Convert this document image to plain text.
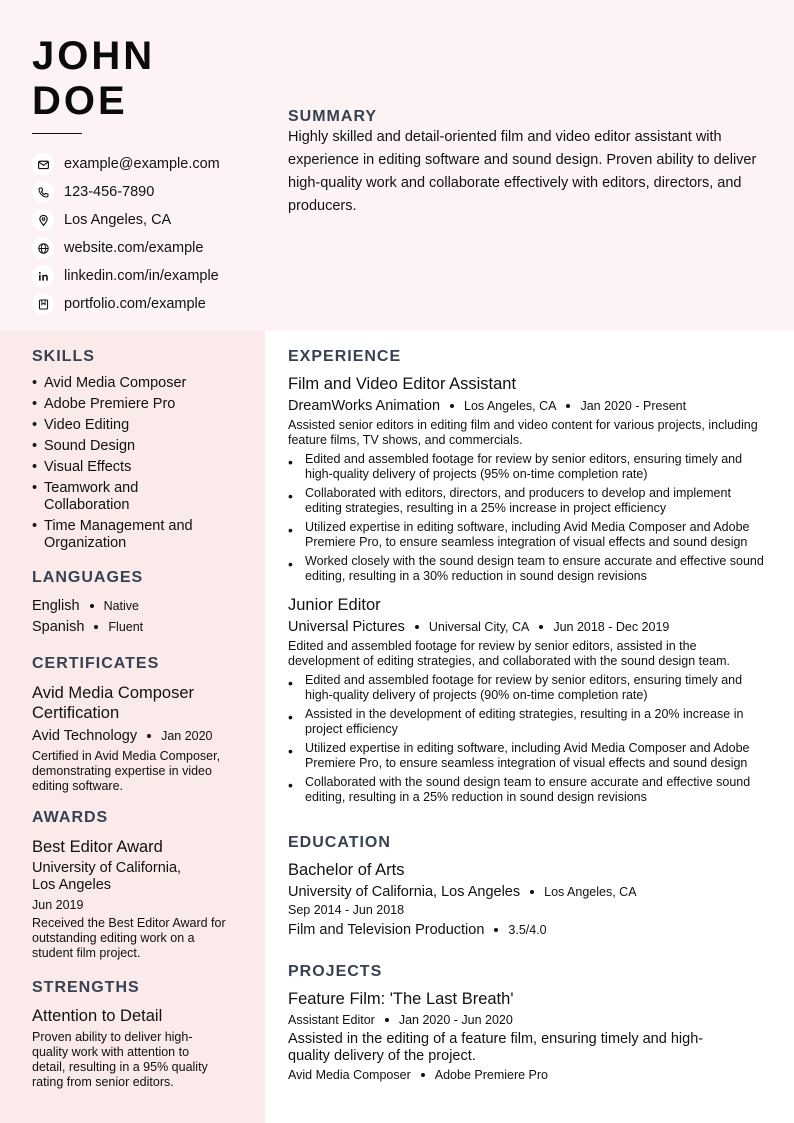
JOHN
DOE
example@example.com
123-456-7890
Los Angeles, CA
website.com/example
linkedin.com/in/example
portfolio.com/example
SUMMARY
Highly skilled and detail-oriented film and video editor assistant with experience in editing software and sound design. Proven ability to deliver high-quality work and collaborate effectively with editors, directors, and producers.
SKILLS
• Avid Media Composer
• Adobe Premiere Pro
• Video Editing
• Sound Design
• Visual Effects
• Teamwork and Collaboration
• Time Management and Organization
LANGUAGES
English Native
Spanish Fluent
CERTIFICATES
Avid Media Composer Certification
Avid Technology Jan 2020
Certified in Avid Media Composer, demonstrating expertise in video editing software.
AWARDS
Best Editor Award
University of California, Los Angeles
Jun 2019
Received the Best Editor Award for outstanding editing work on a student film project.
STRENGTHS
Attention to Detail
Proven ability to deliver high-quality work with attention to detail, resulting in a 95% quality rating from senior editors.
EXPERIENCE
Film and Video Editor Assistant
DreamWorks Animation Los Angeles, CA Jan 2020 - Present
Assisted senior editors in editing film and video content for various projects, including feature films, TV shows, and commercials.
• Edited and assembled footage for review by senior editors, ensuring timely and high-quality delivery of projects (95% on-time completion rate)
• Collaborated with editors, directors, and producers to develop and implement editing strategies, resulting in a 25% increase in project efficiency
• Utilized expertise in editing software, including Avid Media Composer and Adobe Premiere Pro, to ensure seamless integration of visual effects and sound design
• Worked closely with the sound design team to ensure accurate and effective sound editing, resulting in a 30% reduction in sound design revisions
Junior Editor
Universal Pictures Universal City, CA Jun 2018 - Dec 2019
Edited and assembled footage for review by senior editors, assisted in the development of editing strategies, and collaborated with the sound design team.
• Edited and assembled footage for review by senior editors, ensuring timely and high-quality delivery of projects (90% on-time completion rate)
• Assisted in the development of editing strategies, resulting in a 20% increase in project efficiency
• Utilized expertise in editing software, including Avid Media Composer and Adobe Premiere Pro, to ensure seamless integration of visual effects and sound design
• Collaborated with the sound design team to ensure accurate and effective sound editing, resulting in a 25% reduction in sound design revisions
EDUCATION
Bachelor of Arts
University of California, Los Angeles Los Angeles, CA
Sep 2014 - Jun 2018
Film and Television Production 3.5/4.0
PROJECTS
Feature Film: 'The Last Breath'
Assistant Editor Jan 2020 - Jun 2020
Assisted in the editing of a feature film, ensuring timely and high-quality delivery of the project.
Avid Media Composer Adobe Premiere Pro
